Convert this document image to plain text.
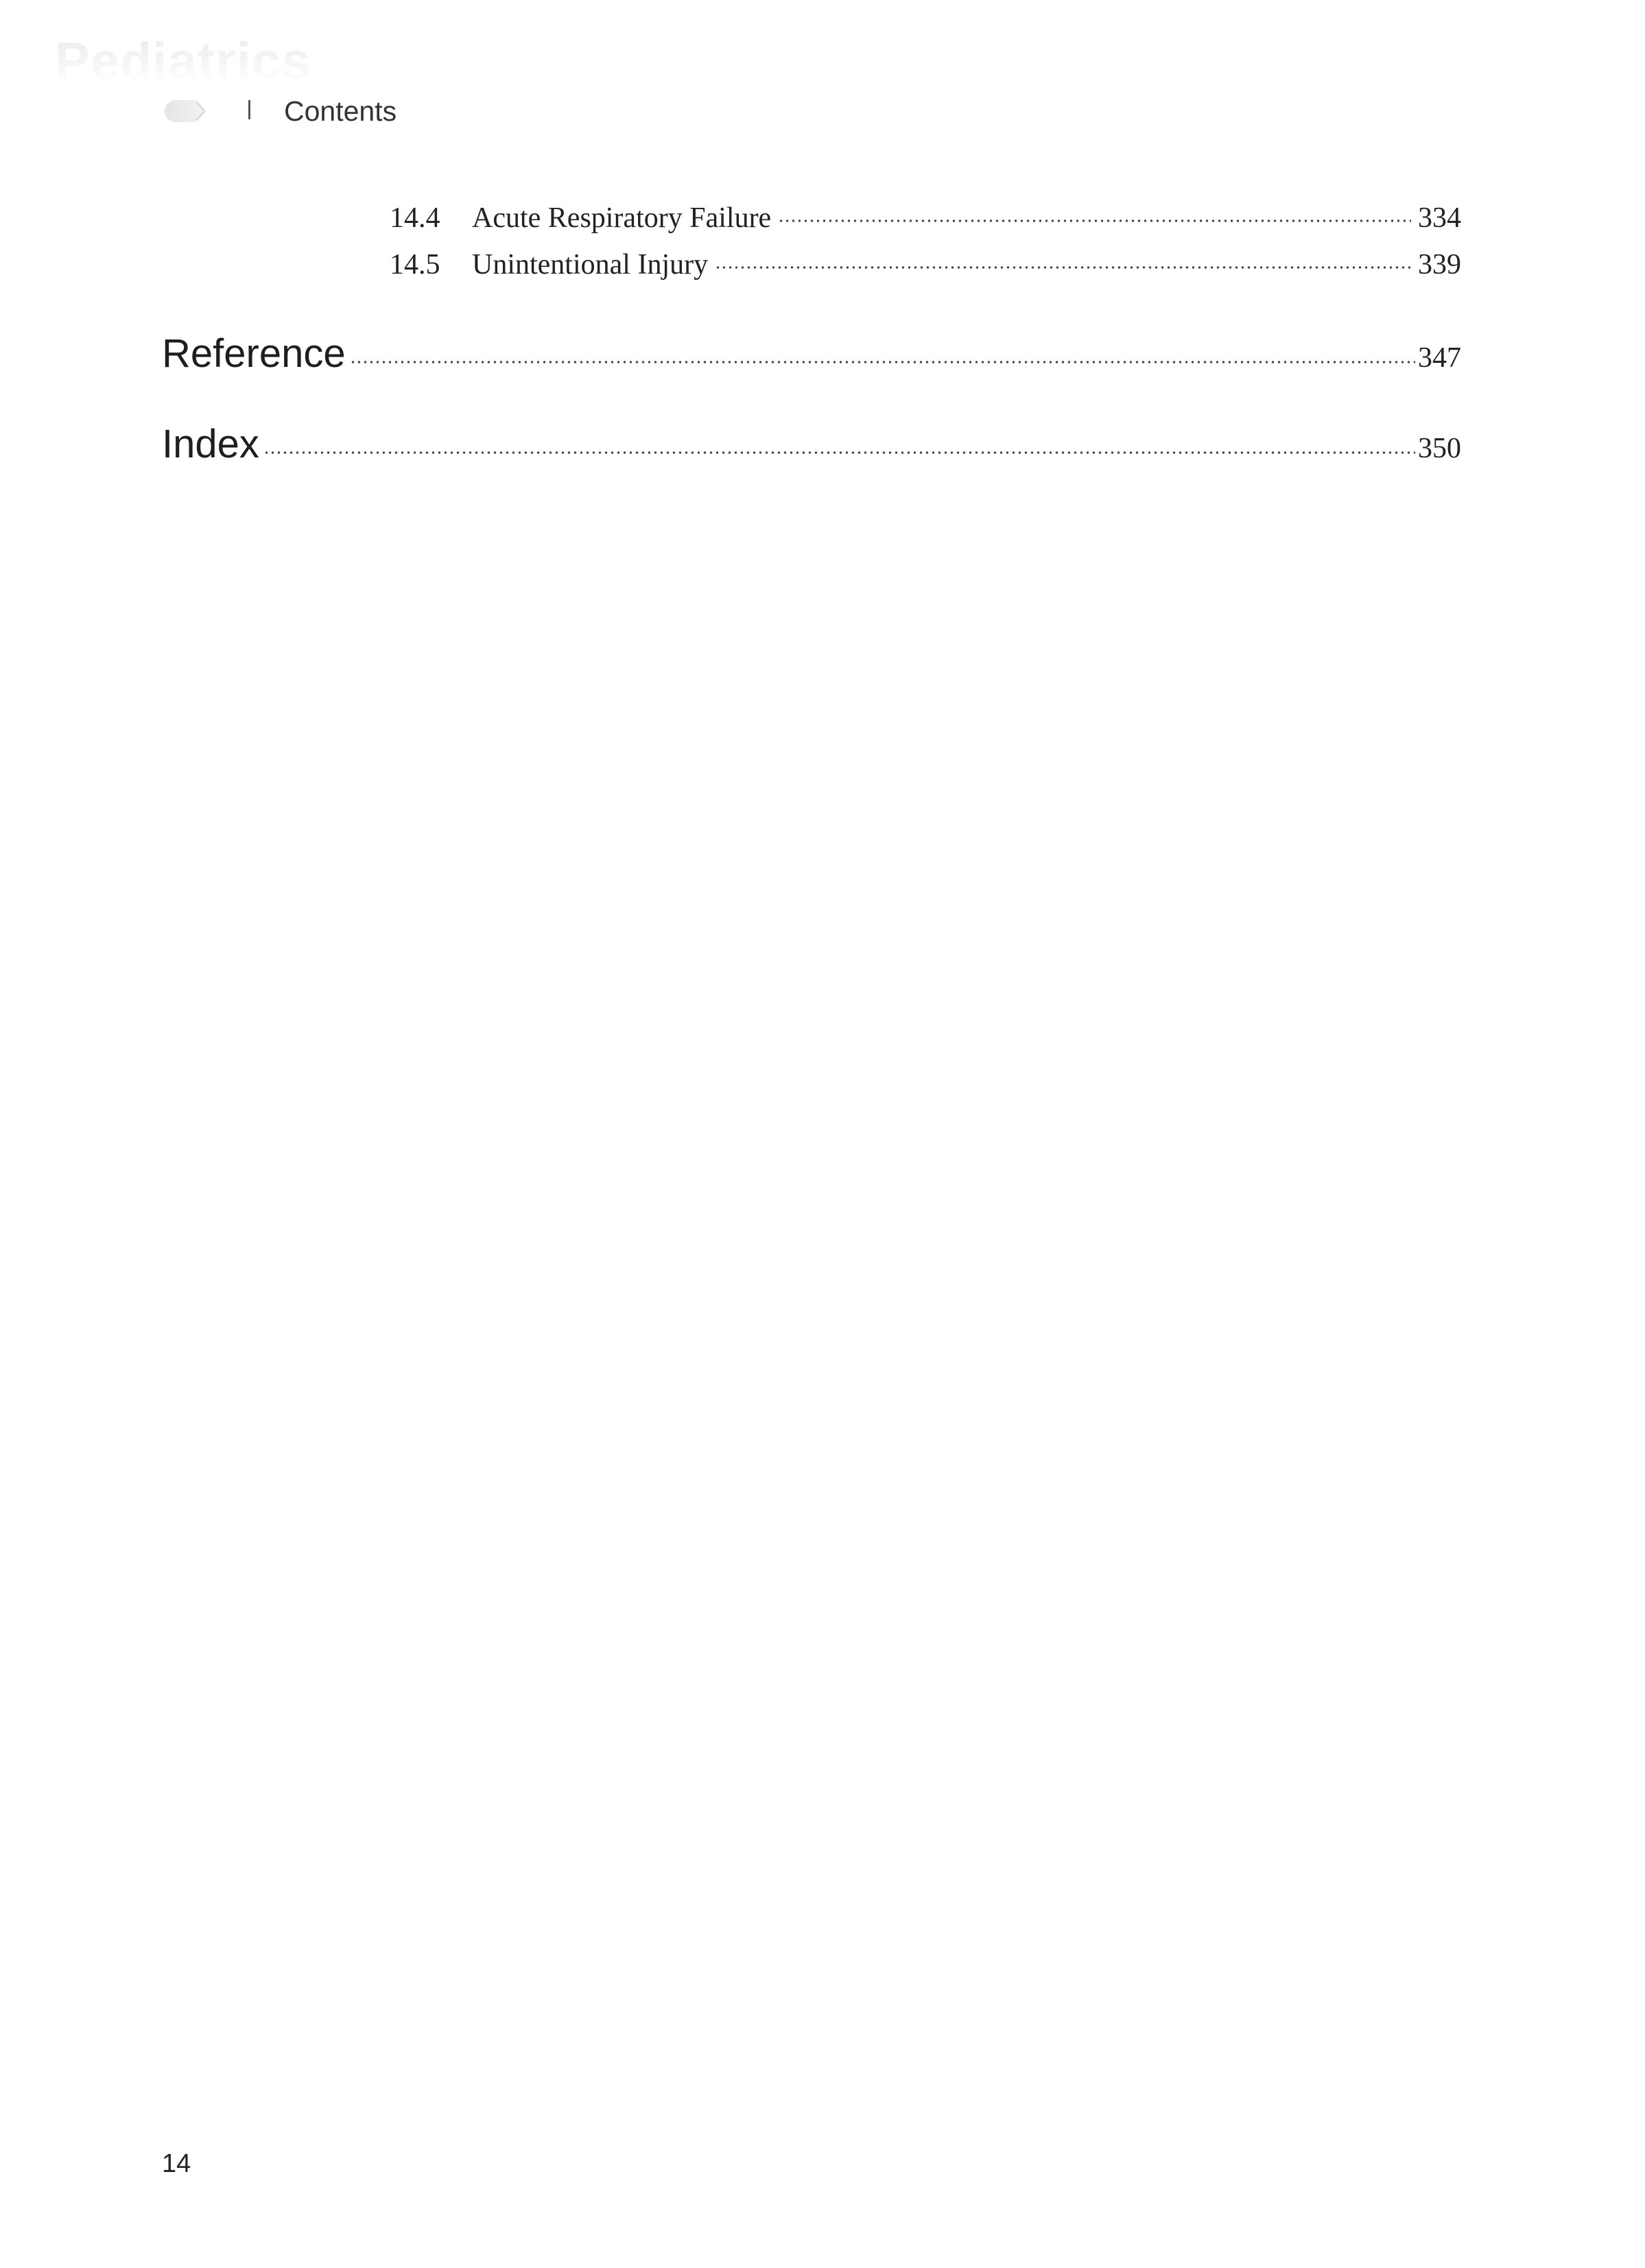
Pediatrics
Contents
14.4	Acute Respiratory Failure	334
14.5	Unintentional Injury	339
Reference	347
Index	350
14
